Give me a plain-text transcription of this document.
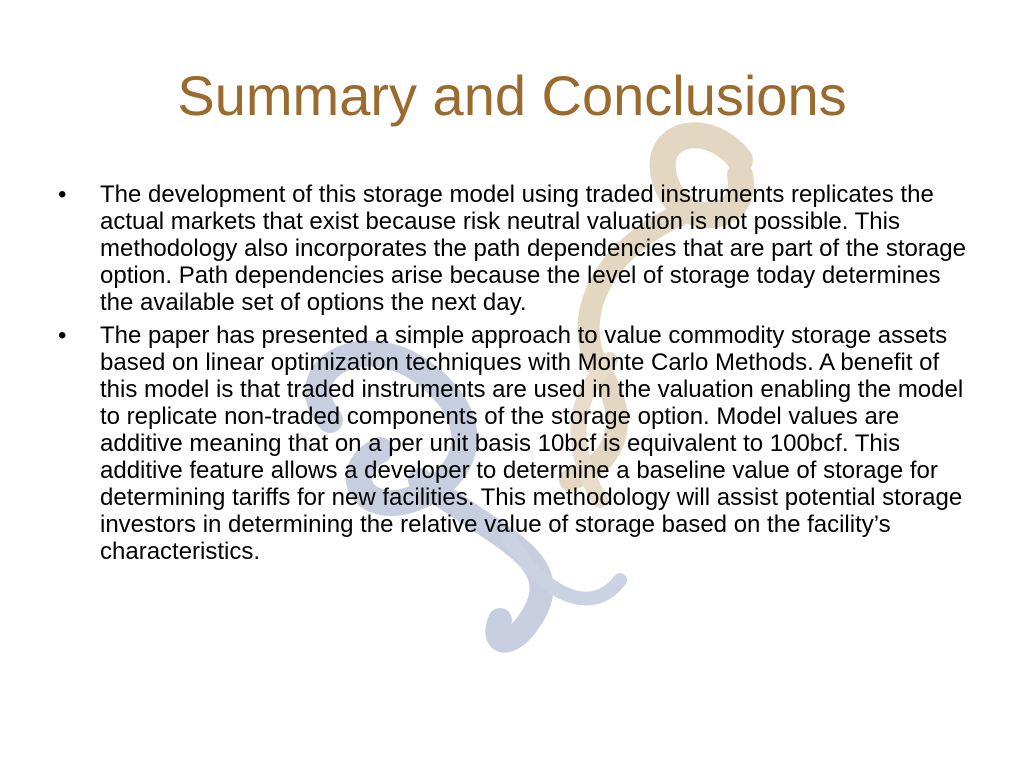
Summary and Conclusions
•	The development of this storage model using traded instruments replicates the actual markets that exist because risk neutral valuation is not possible. This methodology also incorporates the path dependencies that are part of the storage option. Path dependencies arise because the level of storage today determines the available set of options the next day.
•	The paper has presented a simple approach to value commodity storage assets based on linear optimization techniques with Monte Carlo Methods. A benefit of this model is that traded instruments are used in the valuation enabling the model to replicate non-traded components of the storage option. Model values are additive meaning that on a per unit basis 10bcf is equivalent to 100bcf. This additive feature allows a developer to determine a baseline value of storage for determining tariffs for new facilities. This methodology will assist potential storage investors in determining the relative value of storage based on the facility’s characteristics.
